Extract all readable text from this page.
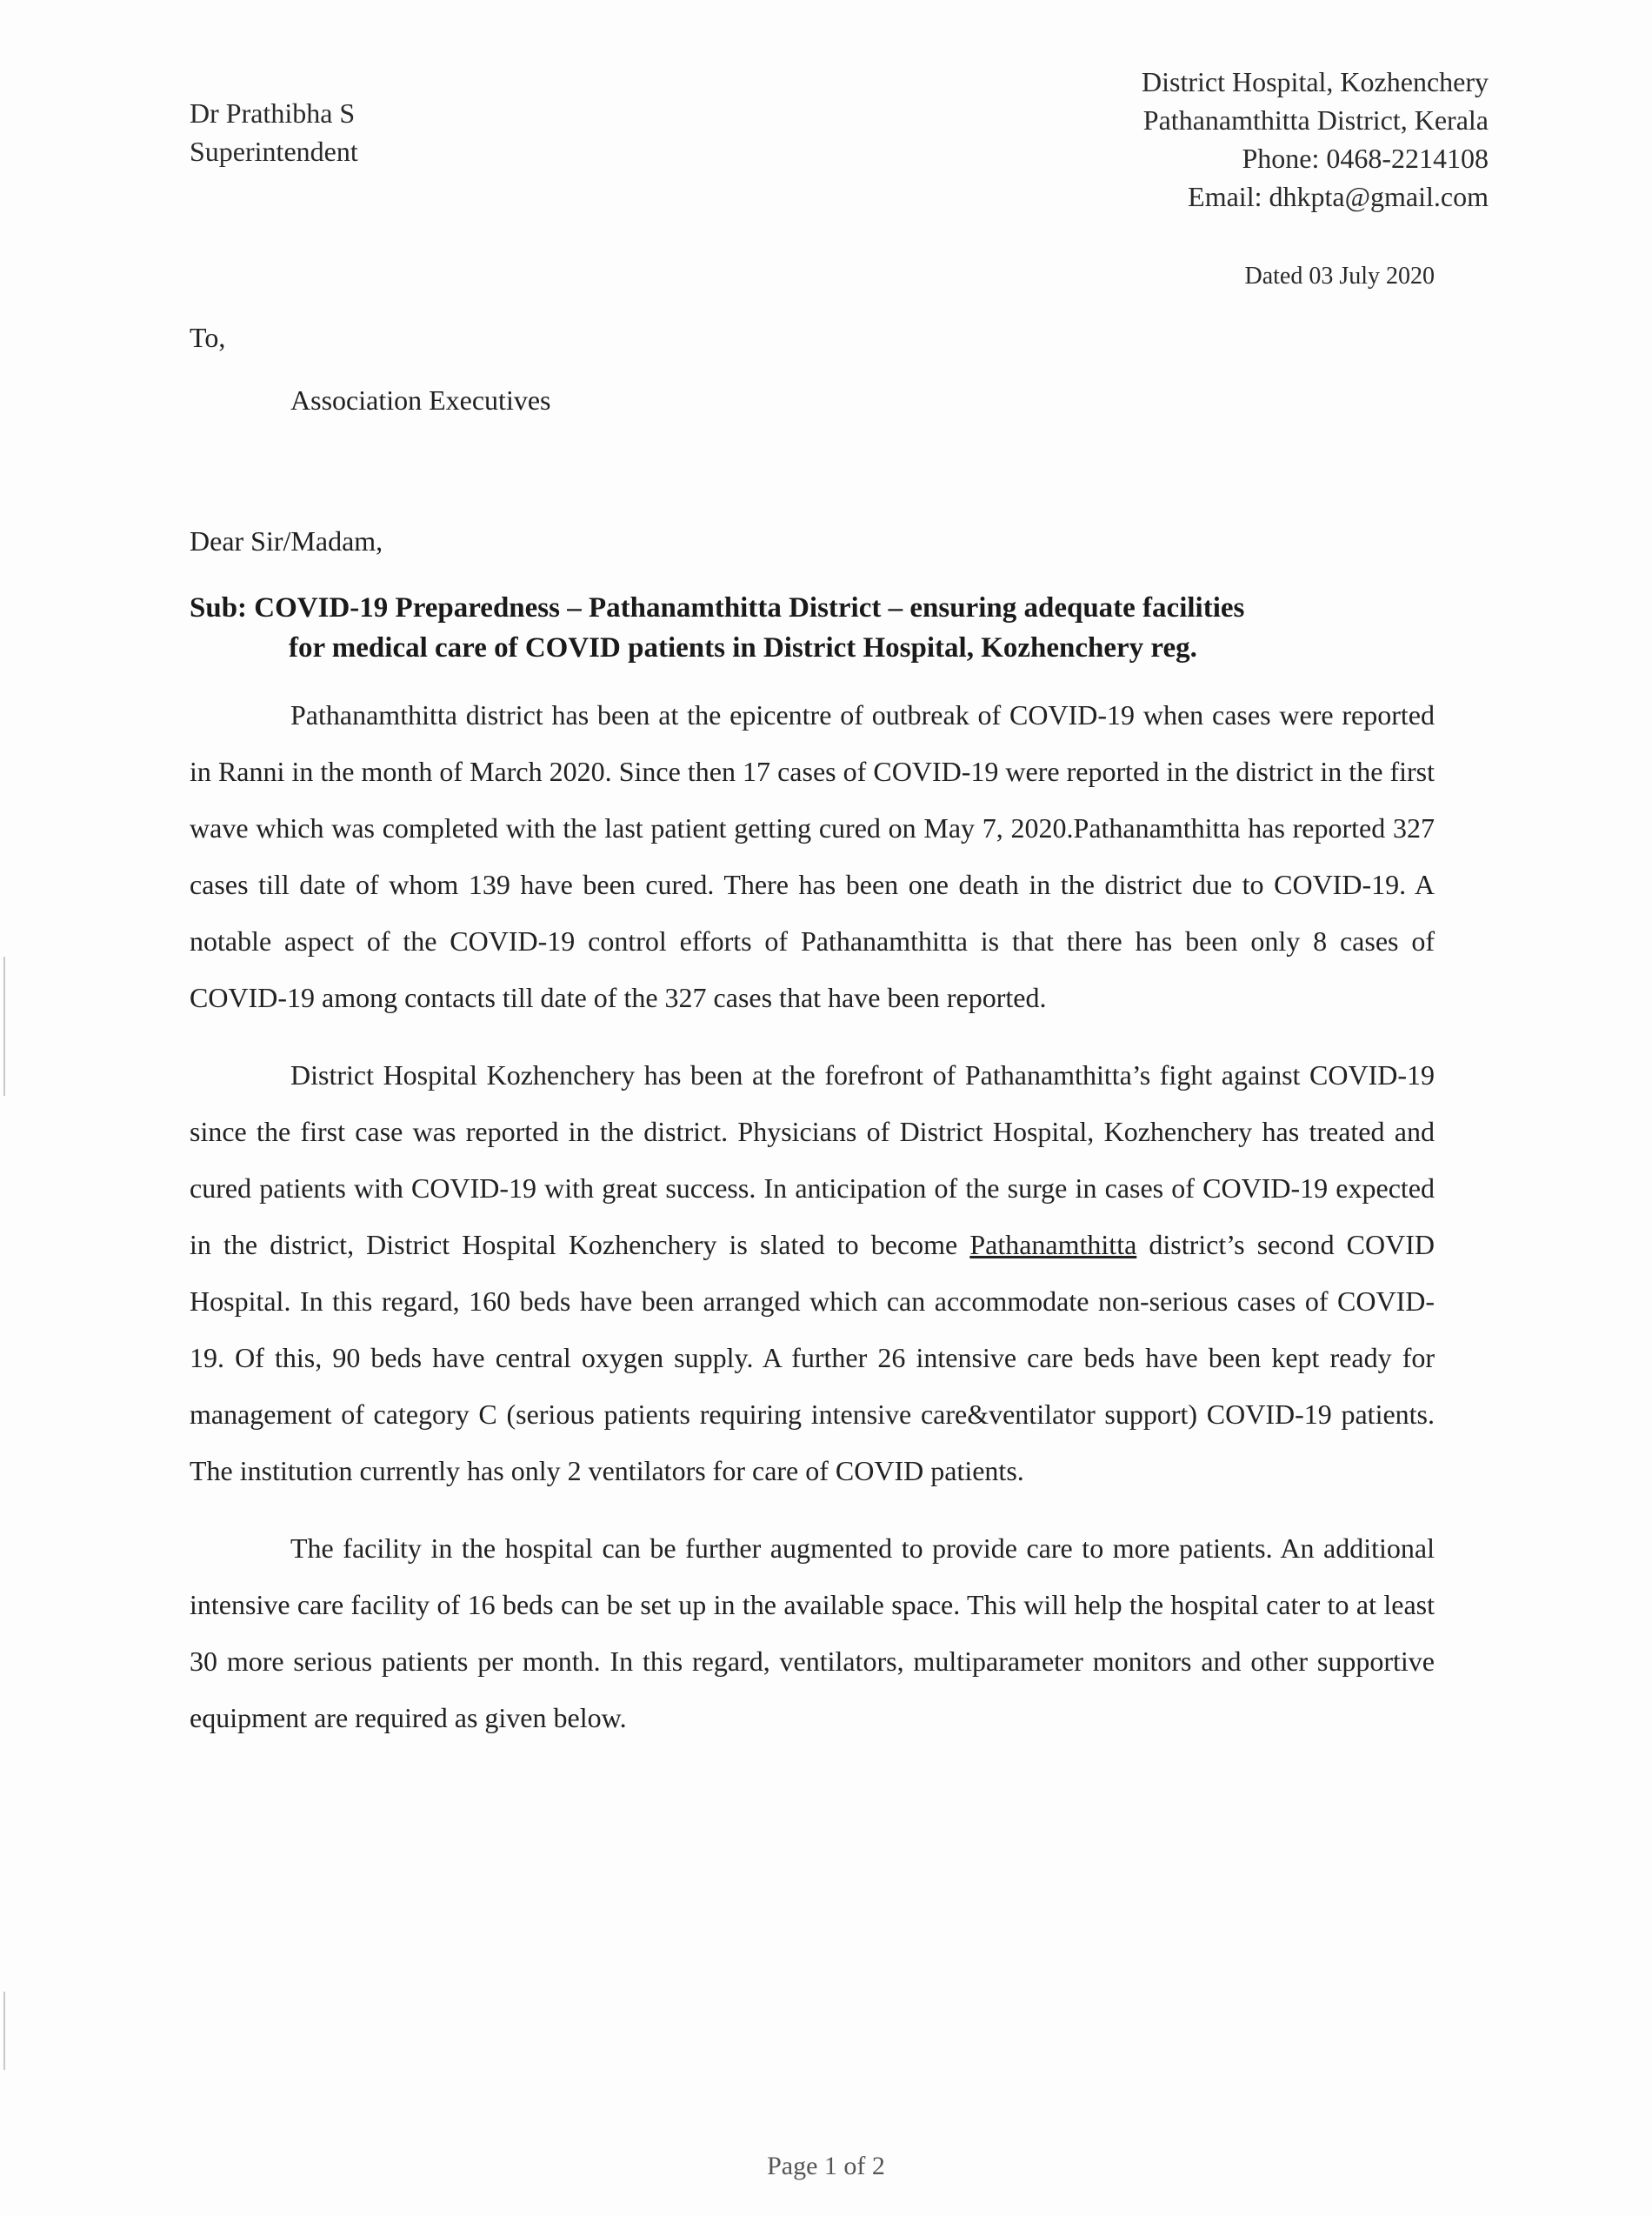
Dr Prathibha S
Superintendent
District Hospital, Kozhenchery
Pathanamthitta District, Kerala
Phone: 0468-2214108
Email: dhkpta@gmail.com
Dated 03 July 2020
To,
Association Executives
Dear Sir/Madam,
Sub: COVID-19 Preparedness – Pathanamthitta District – ensuring adequate facilities
for medical care of COVID patients in District Hospital, Kozhenchery reg.

Pathanamthitta district has been at the epicentre of outbreak of COVID-19 when cases were reported in Ranni in the month of March 2020. Since then 17 cases of COVID-19 were reported in the district in the first wave which was completed with the last patient getting cured on May 7, 2020.Pathanamthitta has reported 327 cases till date of whom 139 have been cured. There has been one death in the district due to COVID-19. A notable aspect of the COVID-19 control efforts of Pathanamthitta is that there has been only 8 cases of COVID-19 among contacts till date of the 327 cases that have been reported.

District Hospital Kozhenchery has been at the forefront of Pathanamthitta’s fight against COVID-19 since the first case was reported in the district. Physicians of District Hospital, Kozhenchery has treated and cured patients with COVID-19 with great success. In anticipation of the surge in cases of COVID-19 expected in the district, District Hospital Kozhenchery is slated to become Pathanamthitta district’s second COVID Hospital. In this regard, 160 beds have been arranged which can accommodate non-serious cases of COVID-19. Of this, 90 beds have central oxygen supply. A further 26 intensive care beds have been kept ready for management of category C (serious patients requiring intensive care&ventilator support) COVID-19 patients. The institution currently has only 2 ventilators for care of COVID patients.

The facility in the hospital can be further augmented to provide care to more patients. An additional intensive care facility of 16 beds can be set up in the available space. This will help the hospital cater to at least 30 more serious patients per month. In this regard, ventilators, multiparameter monitors and other supportive equipment are required as given below.

Page 1 of 2
